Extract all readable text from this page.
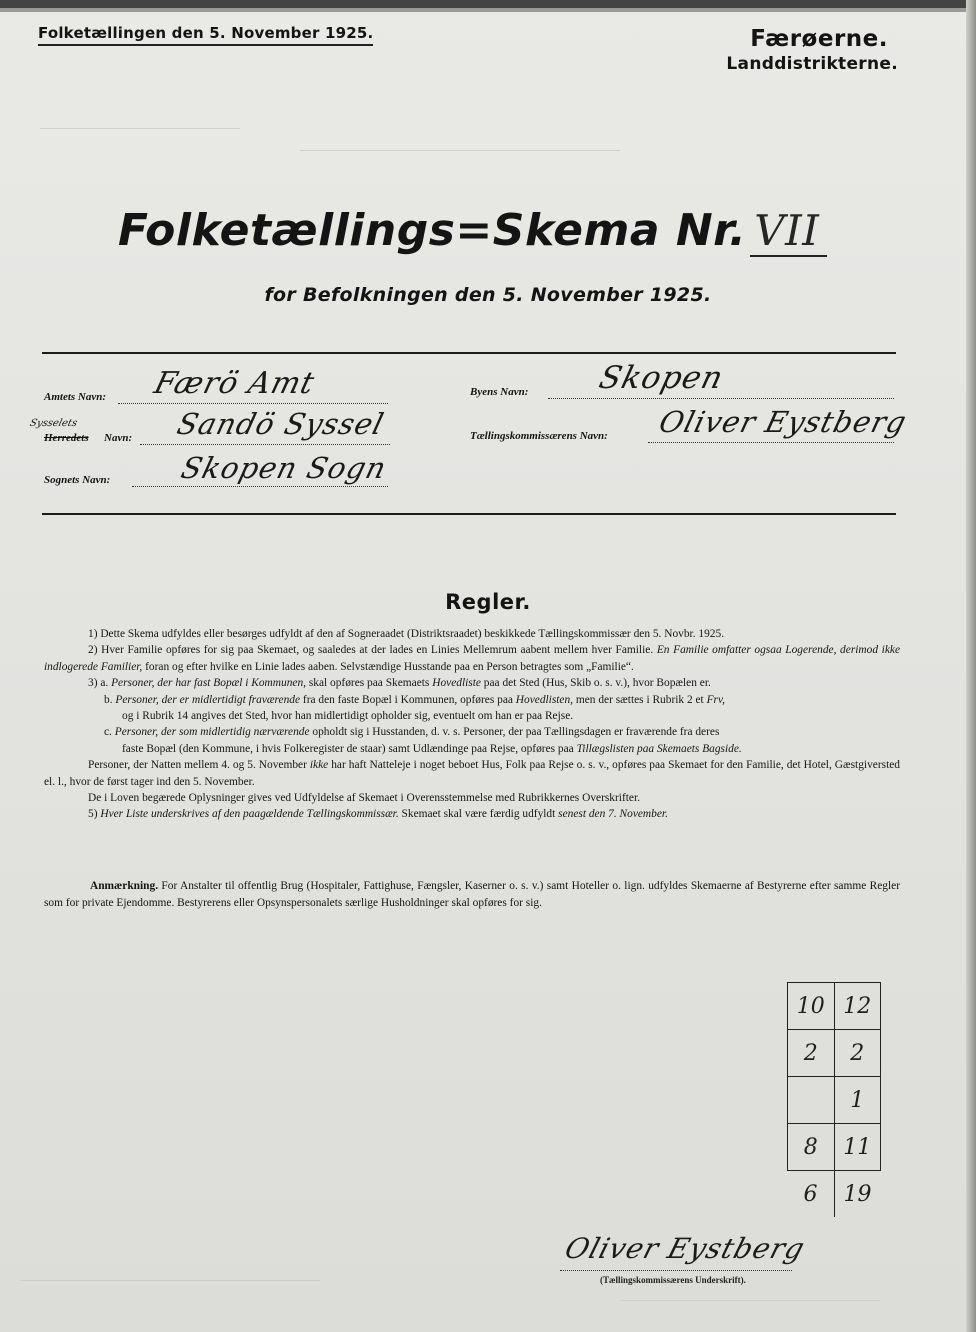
Folketællingen den 5. November 1925.	Færøerne.
Landdistrikterne.
Folketællings=Skema Nr. VII
for Befolkningen den 5. November 1925.
Amtets Navn: Færö Amt
Sysselets
Herredets Navn: Sandö Syssel
Sognets Navn: Skopen Sogn
Byens Navn: Skopen
Tællingskommissærens Navn: Oliver Eystberg
Regler.

1) Dette Skema udfyldes eller besørges udfyldt af den af Sogneraadet (Distriktsraadet) beskikkede Tællingskommissær den 5. Novbr. 1925.

2) Hver Familie opføres for sig paa Skemaet, og saaledes at der lades en Linies Mellemrum aabent mellem hver Familie. En Familie omfatter ogsaa Logerende, derimod ikke indlogerede Familier, foran og efter hvilke en Linie lades aaben. Selvstændige Husstande paa en Person betragtes som „Familie“.

3) a. Personer, der har fast Bopæl i Kommunen, skal opføres paa Skemaets Hovedliste paa det Sted (Hus, Skib o. s. v.), hvor Bopælen er.

b. Personer, der er midlertidigt fraværende fra den faste Bopæl i Kommunen, opføres paa Hovedlisten, men der sættes i Rubrik 2 et Frv,

og i Rubrik 14 angives det Sted, hvor han midlertidigt opholder sig, eventuelt om han er paa Rejse.

c. Personer, der som midlertidig nærværende opholdt sig i Husstanden, d. v. s. Personer, der paa Tællingsdagen er fraværende fra deres

faste Bopæl (den Kommune, i hvis Folkeregister de staar) samt Udlændinge paa Rejse, opføres paa Tillægslisten paa Skemaets Bagside.

Personer, der Natten mellem 4. og 5. November ikke har haft Natteleje i noget beboet Hus, Folk paa Rejse o. s. v., opføres paa Skemaet for den Familie, det Hotel, Gæstgiversted el. l., hvor de først tager ind den 5. November.

De i Loven begærede Oplysninger gives ved Udfyldelse af Skemaet i Overensstemmelse med Rubrikkernes Overskrifter.

5) Hver Liste underskrives af den paagældende Tællingskommissær. Skemaet skal være færdig udfyldt senest den 7. November.

Anmærkning. For Anstalter til offentlig Brug (Hospitaler, Fattighuse, Fængsler, Kaserner o. s. v.) samt Hoteller o. lign. udfyldes Skemaerne af Bestyrerne efter samme Regler som for private Ejendomme. Bestyrerens eller Opsynspersonalets særlige Husholdninger skal opføres for sig.

10	12
2	2
	1
8	11
6	19
Oliver Eystberg
(Tællingskommissærens Underskrift).
